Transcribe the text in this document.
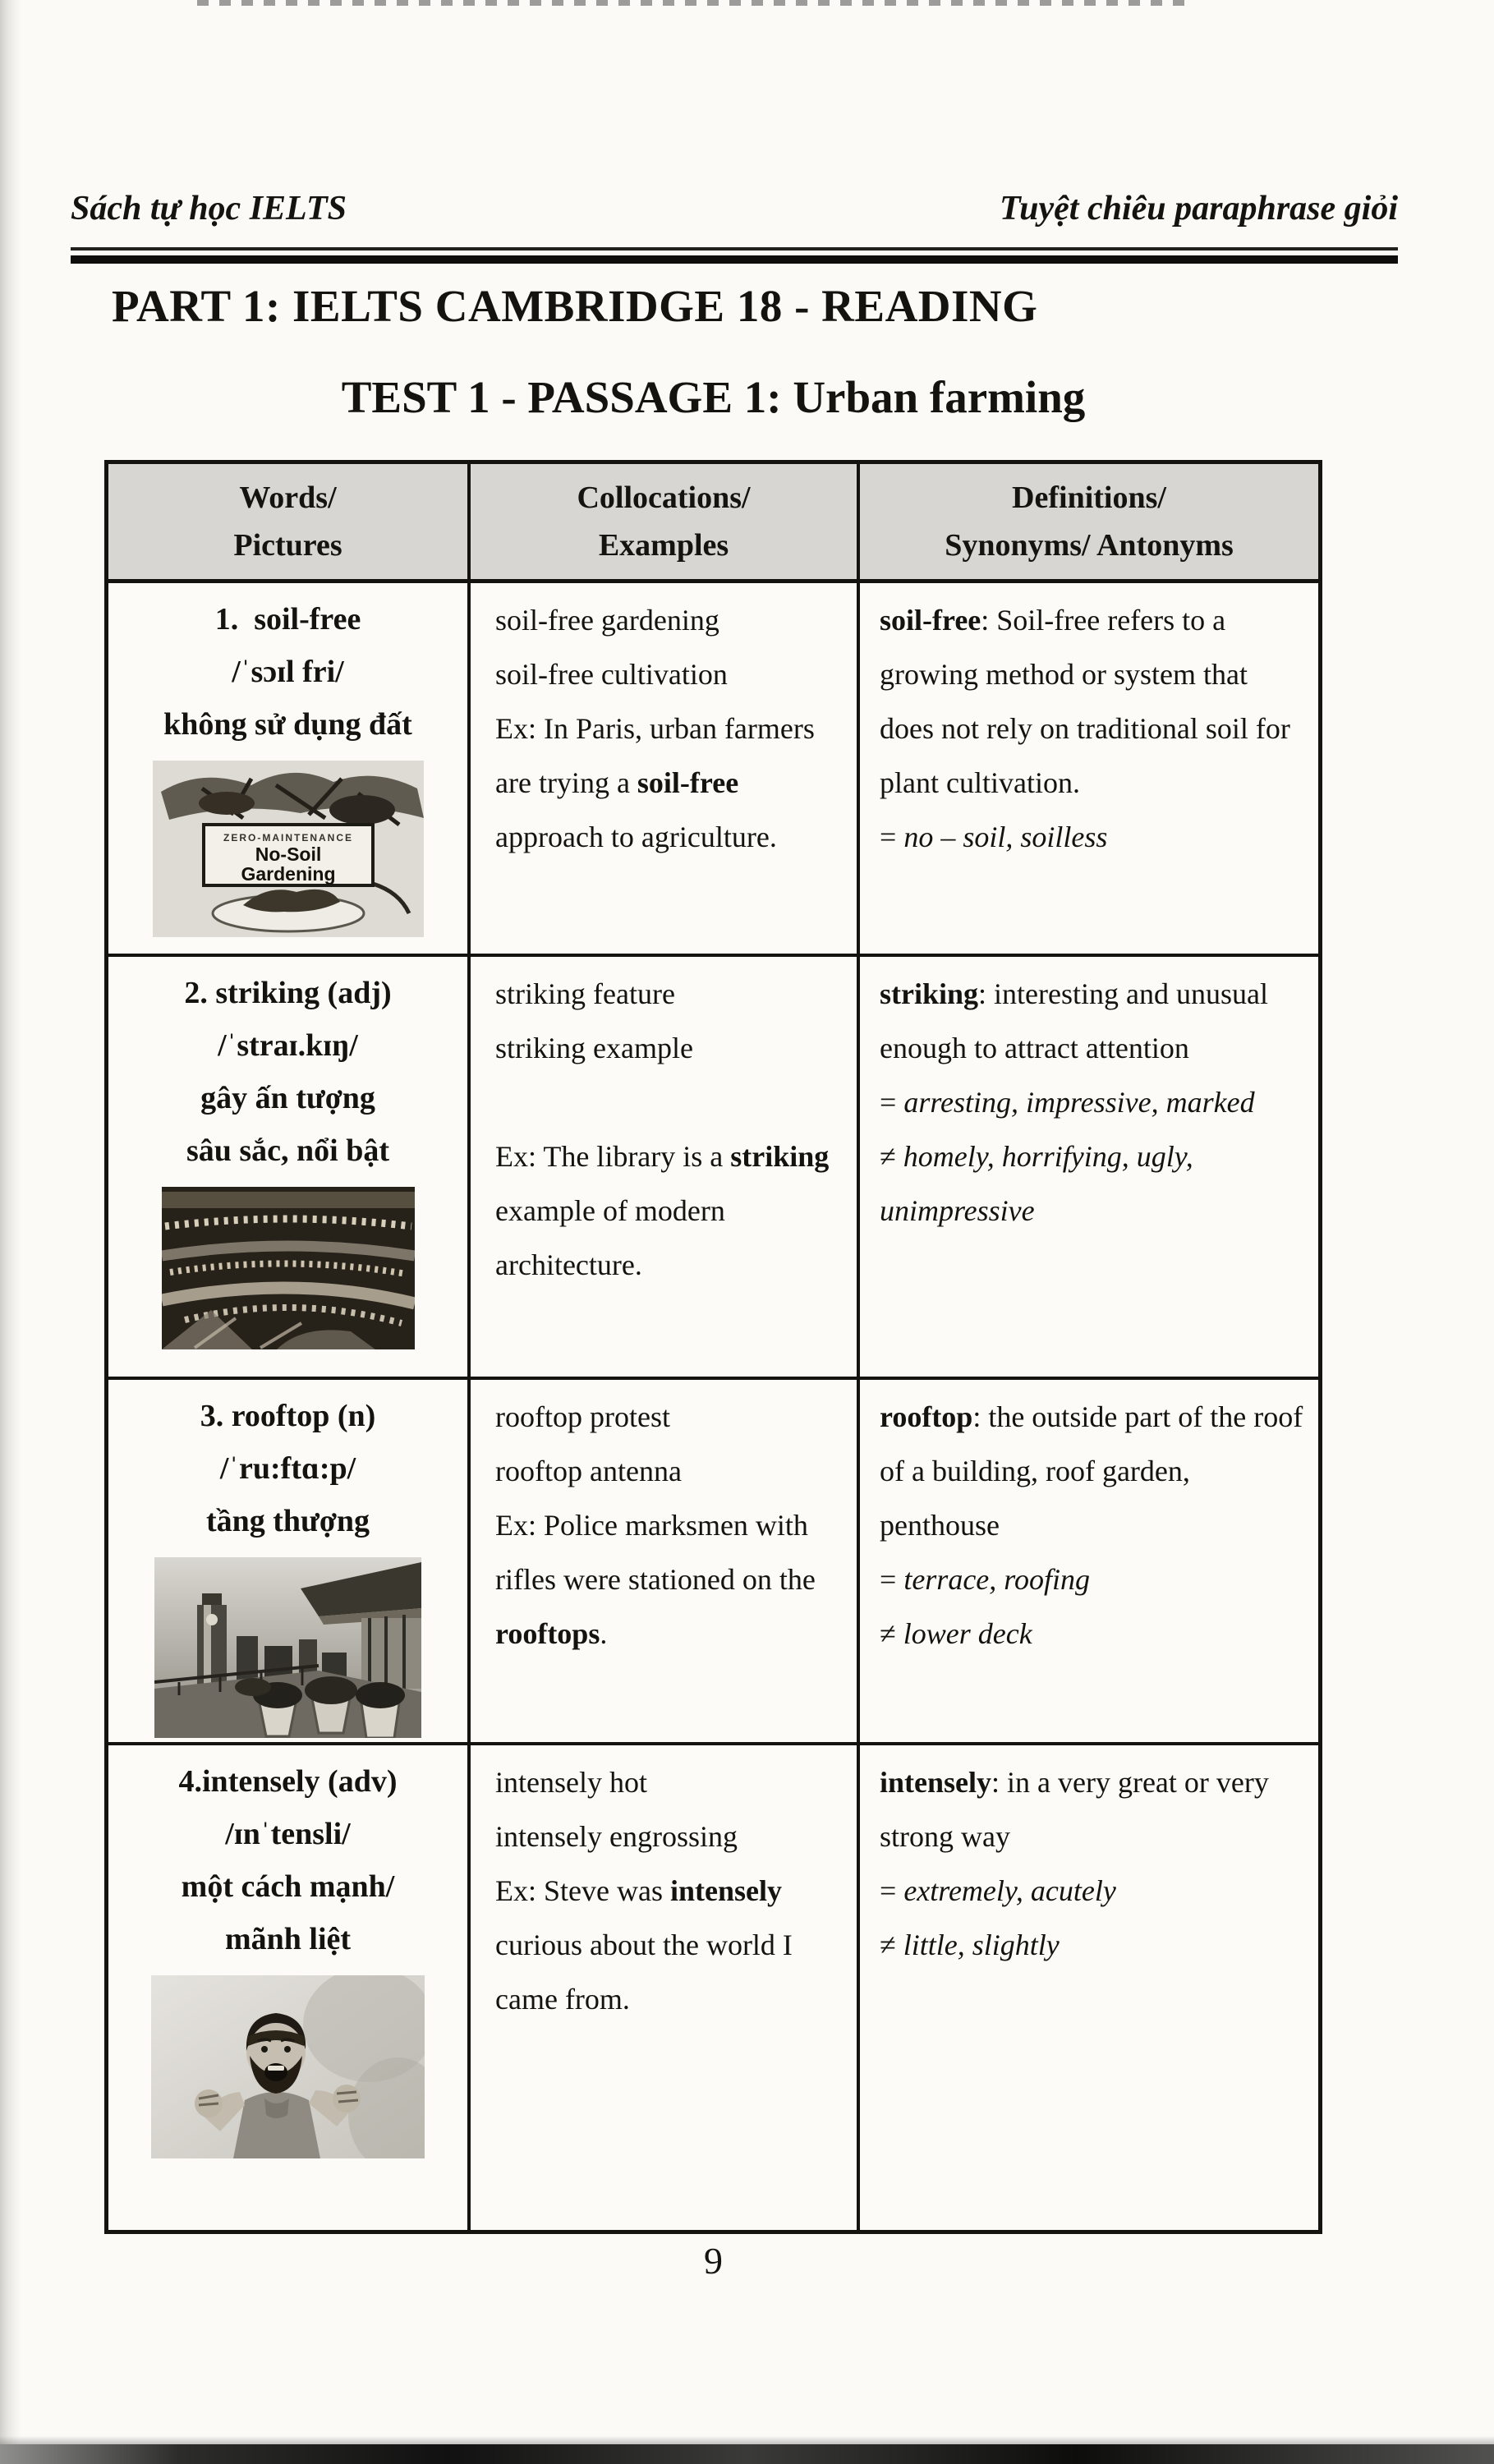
Sách tự học IELTS	Tuyệt chiêu paraphrase giỏi
PART 1: IELTS CAMBRIDGE 18 - READING
TEST 1 - PASSAGE 1: Urban farming
Words/
Pictures
Collocations/
Examples
Definitions/
Synonyms/ Antonyms
1.  soil-free
/ˈsɔɪl fri/
không sử dụng đất
ZERO-MAINTENANCE
No-Soil
Gardening
soil-free gardening
soil-free cultivation
Ex: In Paris, urban farmers are trying a soil-free approach to agriculture.
soil-free: Soil-free refers to a growing method or system that does not rely on traditional soil for plant cultivation.
= no – soil, soilless
2. striking (adj)
/ˈstraɪ.kɪŋ/
gây ấn tượng
sâu sắc, nổi bật
striking feature
striking example
Ex: The library is a striking example of modern architecture.
striking: interesting and unusual enough to attract attention
= arresting, impressive, marked
≠ homely, horrifying, ugly, unimpressive
3. rooftop (n)
/ˈru:ftɑ:p/
tầng thượng
rooftop protest
rooftop antenna
Ex: Police marksmen with rifles were stationed on the rooftops.
rooftop: the outside part of the roof of a building, roof garden, penthouse
= terrace, roofing
≠ lower deck
4.intensely (adv)
/ɪnˈtensli/
một cách mạnh/
mãnh liệt
intensely hot
intensely engrossing
Ex: Steve was intensely curious about the world I came from.
intensely: in a very great or very strong way
= extremely, acutely
≠ little, slightly
9
